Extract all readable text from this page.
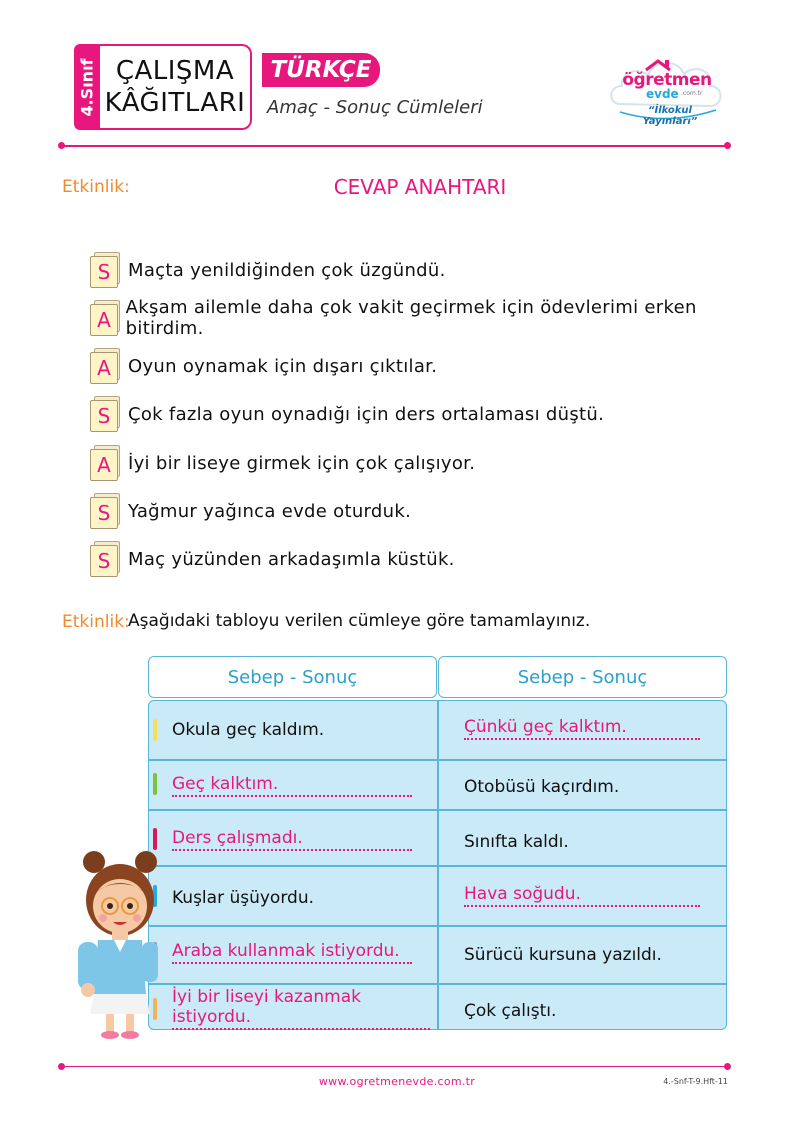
4.Sınıf ÇALIŞMA
KÂĞITLARI
TÜRKÇE
Amaç - Sonuç Cümleleri
öğretmen
evde .com.tr
“İlkokul Yayınları”
Etkinlik:	CEVAP ANAHTARI
S Maçta yenildiğinden çok üzgündü.
A
Akşam ailemle daha çok vakit geçirmek için ödevlerimi erken bitirdim.
A Oyun oynamak için dışarı çıktılar.
S Çok fazla oyun oynadığı için ders ortalaması düştü.
A İyi bir liseye girmek için çok çalışıyor.
S Yağmur yağınca evde oturduk.
S Maç yüzünden arkadaşımla küstük.
Etkinlik:
Aşağıdaki tabloyu verilen cümleye göre tamamlayınız.
Sebep - Sonuç	Sebep - Sonuç
Okula geç kaldım.	Çünkü geç kalktım.
Geç kalktım.	Otobüsü kaçırdım.
Ders çalışmadı.	Sınıfta kaldı.
Kuşlar üşüyordu.	Hava soğudu.
Araba kullanmak istiyordu.	Sürücü kursuna yazıldı.
İyi bir liseyi kazanmak istiyordu.	Çok çalıştı.
www.ogretmenevde.com.tr	4.-Snf-T-9.Hft-11
